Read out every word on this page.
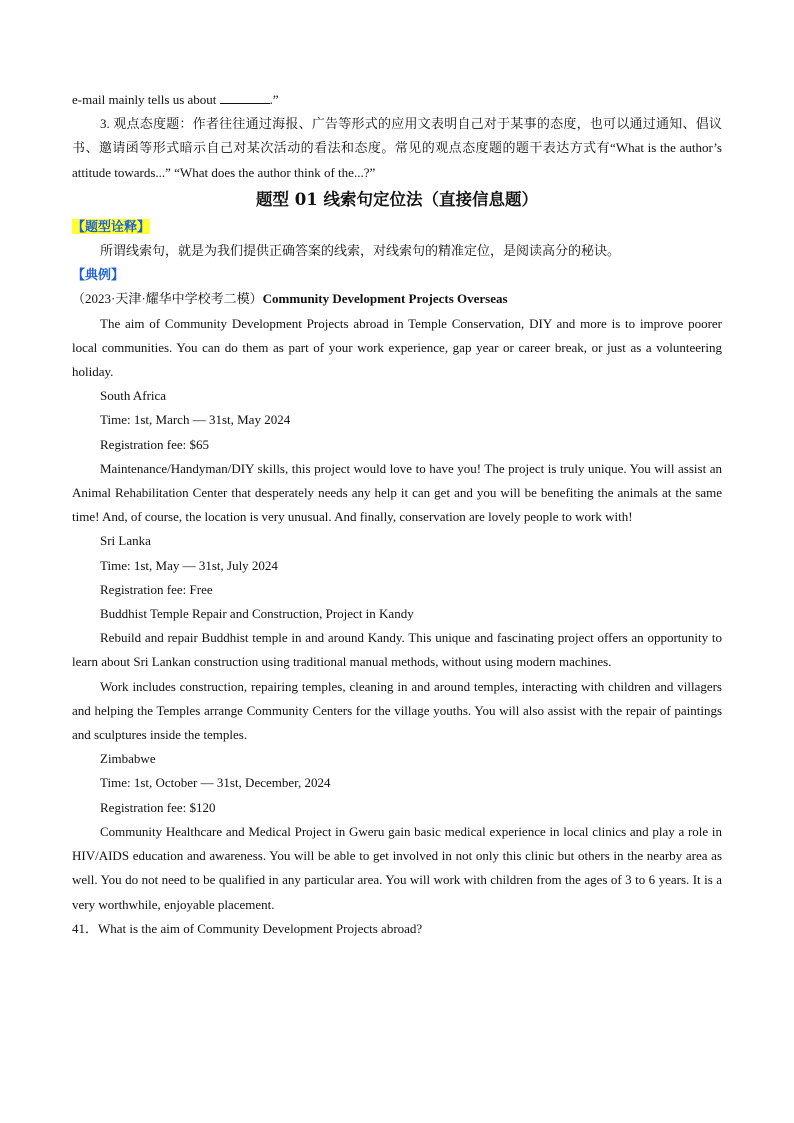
e-mail mainly tells us about	.”

3. 观点态度题：作者往往通过海报、广告等形式的应用文表明自己对于某事的态度，也可以通过通知、倡议书、邀请函等形式暗示自己对某次活动的看法和态度。常见的观点态度题的题干表达方式有“What is the author’s attitude towards...” “What does the author think of the...?”

题型 01 线索句定位法（直接信息题）

【题型诠释】

所谓线索句，就是为我们提供正确答案的线索，对线索句的精准定位，是阅读高分的秘诀。

【典例】

（2023·天津·耀华中学校考二模）Community Development Projects Overseas

The aim of Community Development Projects abroad in Temple Conservation, DIY and more is to improve poorer local communities. You can do them as part of your work experience, gap year or career break, or just as a volunteering holiday.

South Africa

Time: 1st, March — 31st, May 2024

Registration fee: $65

Maintenance/Handyman/DIY skills, this project would love to have you! The project is truly unique. You will assist an Animal Rehabilitation Center that desperately needs any help it can get and you will be benefiting the animals at the same time! And, of course, the location is very unusual. And finally, conservation are lovely people to work with!

Sri Lanka

Time: 1st, May — 31st, July 2024

Registration fee: Free

Buddhist Temple Repair and Construction, Project in Kandy

Rebuild and repair Buddhist temple in and around Kandy. This unique and fascinating project offers an opportunity to learn about Sri Lankan construction using traditional manual methods, without using modern machines.

Work includes construction, repairing temples, cleaning in and around temples, interacting with children and villagers and helping the Temples arrange Community Centers for the village youths. You will also assist with the repair of paintings and sculptures inside the temples.

Zimbabwe

Time: 1st, October — 31st, December, 2024

Registration fee: $120

Community Healthcare and Medical Project in Gweru gain basic medical experience in local clinics and play a role in HIV/AIDS education and awareness. You will be able to get involved in not only this clinic but others in the nearby area as well. You do not need to be qualified in any particular area. You will work with children from the ages of 3 to 6 years. It is a very worthwhile, enjoyable placement.

41．What is the aim of Community Development Projects abroad?
